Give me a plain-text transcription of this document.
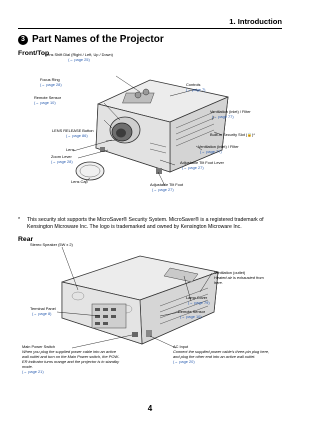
1. Introduction
3 Part Names of the Projector
Front/Top
Lens Shift Dial (Right / Left, Up / Down)
(→ page 25)
Focus Ring
(→ page 28)
Remote Sensor
(→ page 10)
LENS RELEASE Button
(→ page 86)
Lens
Zoom Lever
(→ page 28)
Lens Cap
Controls
(→ page 7)
Ventilation (inlet) / Filter
(→ page 77)
Built-in Security Slot (🔒)*
Ventilation (inlet) / Filter
(→ page 77)
Adjustable Tilt Foot Lever
(→ page 27)
Adjustable Tilt Foot
(→ page 27)
*	This security slot supports the MicroSaver® Security System. MicroSaver® is a registered trademark of Kensington Microware Inc. The logo is trademarked and owned by Kensington Microware Inc.
Rear
Stereo Speaker (5W x 2)
Ventilation (outlet)
Heated air is exhausted from
here.
Lamp Cover
(→ page 79)
Terminal Panel
(→ page 8)	Remote Sensor
(→ page 10)
Main Power Switch
When you plug the supplied power cable into an active
wall outlet and turn on the Main Power switch, the POW-
ER indicator turns orange and the projector is in standby
mode.
(→ page 21)
AC Input
Connect the supplied power cable's three-pin plug here,
and plug the other end into an active wall outlet.
(→ page 20)
4
